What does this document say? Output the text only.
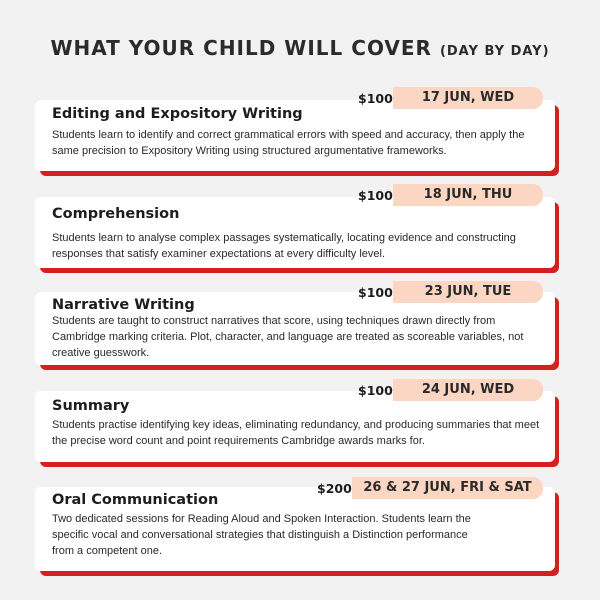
WHAT YOUR CHILD WILL COVER (DAY BY DAY)
Editing and Expository Writing
Students learn to identify and correct grammatical errors with speed and accuracy, then apply the same precision to Expository Writing using structured argumentative frameworks.
$100	17 JUN, WED
Comprehension
Students learn to analyse complex passages systematically, locating evidence and constructing responses that satisfy examiner expectations at every difficulty level.
$100	18 JUN, THU
Narrative Writing
Students are taught to construct narratives that score, using techniques drawn directly from Cambridge marking criteria. Plot, character, and language are treated as scoreable variables, not creative guesswork.
$100	23 JUN, TUE
Summary
Students practise identifying key ideas, eliminating redundancy, and producing summaries that meet the precise word count and point requirements Cambridge awards marks for.
$100	24 JUN, WED
Oral Communication
Two dedicated sessions for Reading Aloud and Spoken Interaction. Students learn the specific vocal and conversational strategies that distinguish a Distinction performance from a competent one.
$200 26 & 27 JUN, FRI & SAT
